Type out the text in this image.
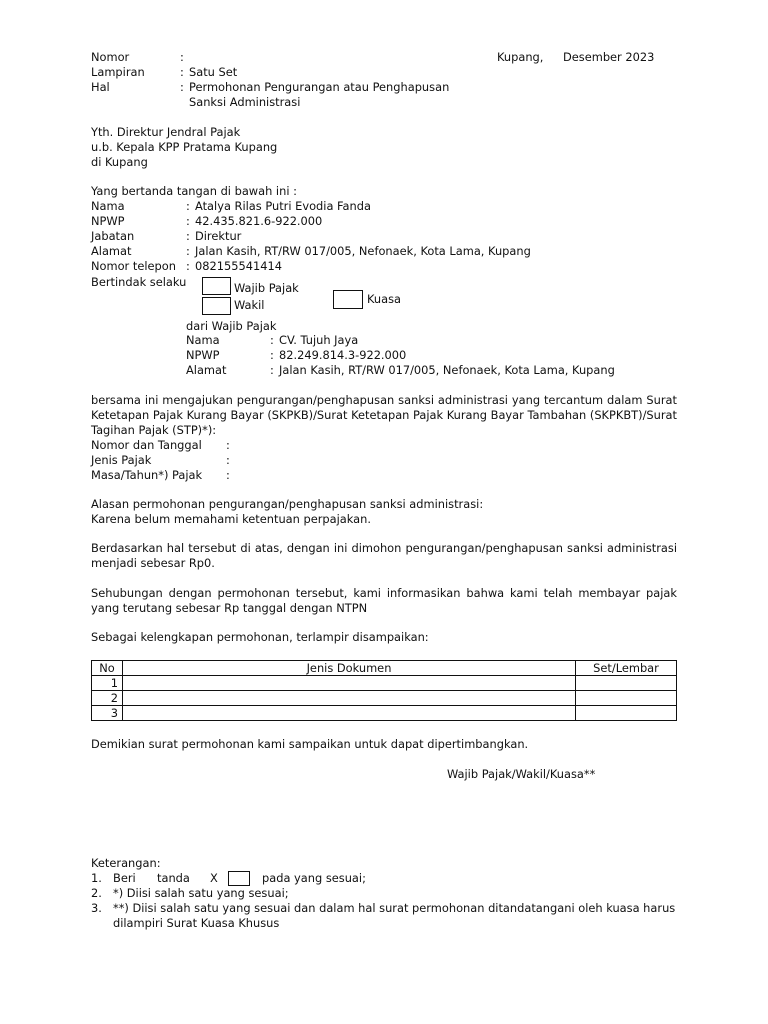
Nomor	:	Kupang, Desember 2023
Lampiran	: Satu Set
Hal	: Permohonan Pengurangan atau Penghapusan
Sanksi Administrasi
Yth. Direktur Jendral Pajak
u.b. Kepala KPP Pratama Kupang
di Kupang
Yang bertanda tangan di bawah ini :
Nama	: Atalya Rilas Putri Evodia Fanda
NPWP	: 42.435.821.6-922.000
Jabatan	: Direktur
Alamat	: Jalan Kasih, RT/RW 017/005, Nefonaek, Kota Lama, Kupang
Nomor telepon : 082155541414
Bertindak selaku	Wajib Pajak
Wakil	Kuasa
dari Wajib Pajak
Nama	: CV. Tujuh Jaya
NPWP	: 82.249.814.3-922.000
Alamat	: Jalan Kasih, RT/RW 017/005, Nefonaek, Kota Lama, Kupang
bersama ini mengajukan pengurangan/penghapusan sanksi administrasi yang tercantum dalam Surat Ketetapan Pajak Kurang Bayar (SKPKB)/Surat Ketetapan Pajak Kurang Bayar Tambahan (SKPKBT)/Surat Tagihan Pajak (STP)*):
Nomor dan Tanggal :
Jenis Pajak	:
Masa/Tahun*) Pajak :
Alasan permohonan pengurangan/penghapusan sanksi administrasi:
Karena belum memahami ketentuan perpajakan.
Berdasarkan hal tersebut di atas, dengan ini dimohon pengurangan/penghapusan sanksi administrasi menjadi sebesar Rp0.
Sehubungan dengan permohonan tersebut, kami informasikan bahwa kami telah membayar pajak yang terutang sebesar Rp tanggal dengan NTPN
Sebagai kelengkapan permohonan, terlampir disampaikan:
No	Jenis Dokumen	Set/Lembar
1		
2		
3		
Demikian surat permohonan kami sampaikan untuk dapat dipertimbangkan.
Wajib Pajak/Wakil/Kuasa**
Keterangan:
1. Beri tanda X	pada yang sesuai;
2. *) Diisi salah satu yang sesuai;
3. **) Diisi salah satu yang sesuai dan dalam hal surat permohonan ditandatangani oleh kuasa harus dilampiri Surat Kuasa Khusus
